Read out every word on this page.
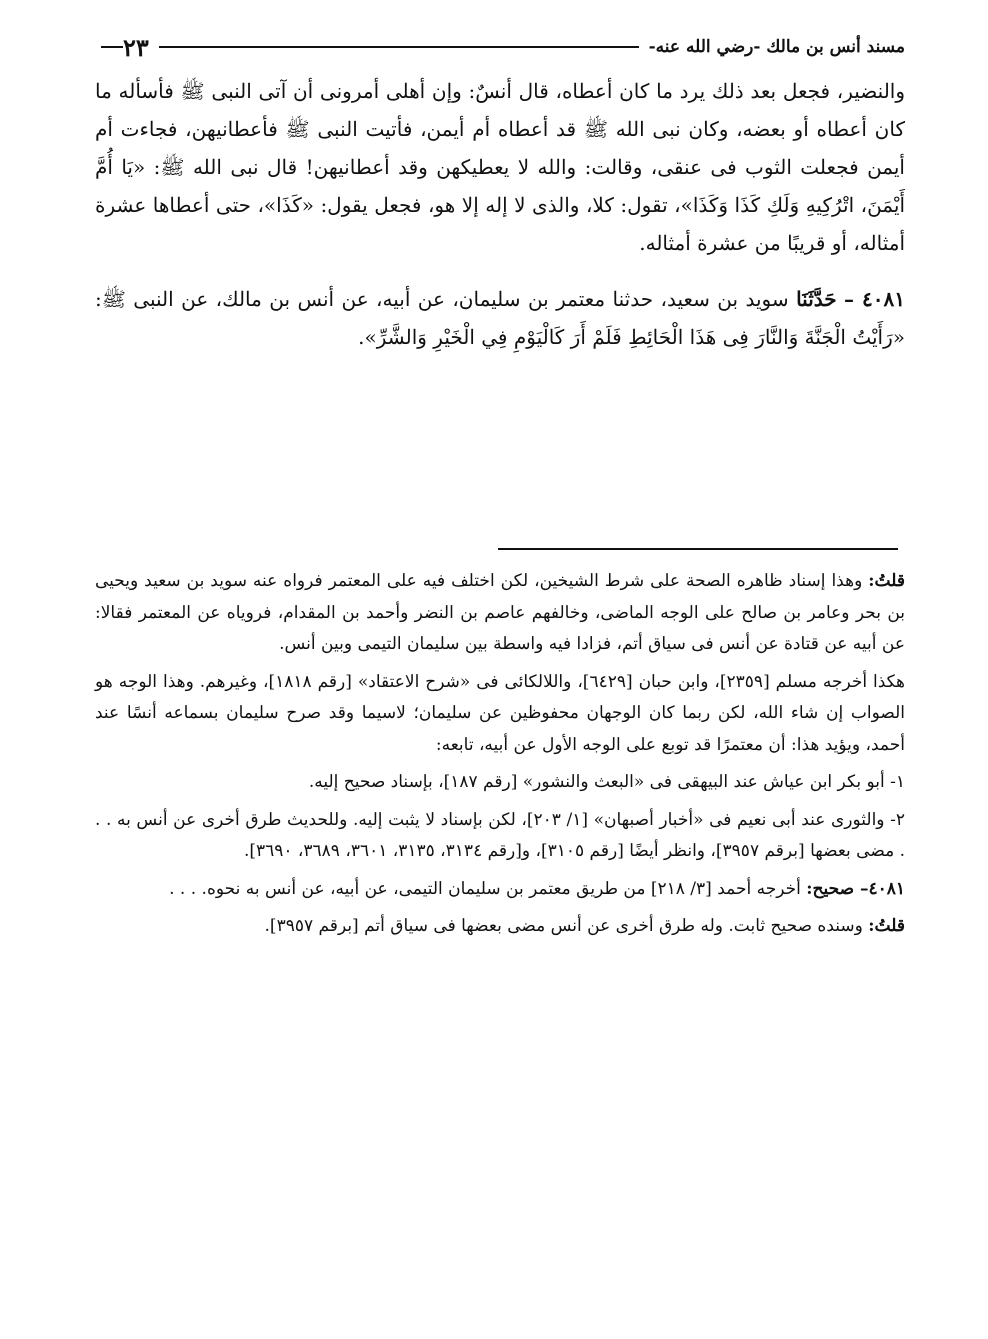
مسند أنس بن مالك -رضي الله عنه-
٢٣

والنضير، فجعل بعد ذلك يرد ما كان أعطاه، قال أنسٌ: وإن أهلى أمرونى أن آتى النبى ﷺ فأسأله ما كان أعطاه أو بعضه، وكان نبى الله ﷺ قد أعطاه أم أيمن، فأتيت النبى ﷺ فأعطانيهن، فجاءت أم أيمن فجعلت الثوب فى عنقى، وقالت: والله لا يعطيكهن وقد أعطانيهن! قال نبى الله ﷺ: «يَا أُمَّ أَيْمَنَ، اتْرُكِيهِ وَلَكِ كَذَا وَكَذَا»، تقول: كلا، والذى لا إله إلا هو، فجعل يقول: «كَذَا»، حتى أعطاها عشرة أمثاله، أو قريبًا من عشرة أمثاله.

٤٠٨١ – حَدَّثَنَا سويد بن سعيد، حدثنا معتمر بن سليمان، عن أبيه، عن أنس بن مالك، عن النبى ﷺ: «رَأَيْتُ الْجَنَّةَ وَالنَّارَ فِى هَذَا الْحَائِطِ فَلَمْ أَرَ كَالْيَوْمِ فِي الْخَيْرِ وَالشَّرِّ».

قلتُ: وهذا إسناد ظاهره الصحة على شرط الشيخين، لكن اختلف فيه على المعتمر فرواه عنه سويد بن سعيد ويحيى بن بحر وعامر بن صالح على الوجه الماضى، وخالفهم عاصم بن النضر وأحمد بن المقدام، فروياه عن المعتمر فقالا: عن أبيه عن قتادة عن أنس فى سياق أتم، فزادا فيه واسطة بين سليمان التيمى وبين أنس.

هكذا أخرجه مسلم [٢٣٥٩]، وابن حبان [٦٤٢٩]، واللالكائى فى «شرح الاعتقاد» [رقم ١٨١٨]، وغيرهم. وهذا الوجه هو الصواب إن شاء الله، لكن ربما كان الوجهان محفوظين عن سليمان؛ لاسيما وقد صرح سليمان بسماعه أنسًا عند أحمد، ويؤيد هذا: أن معتمرًا قد توبع على الوجه الأول عن أبيه، تابعه:

١- أبو بكر ابن عياش عند البيهقى فى «البعث والنشور» [رقم ١٨٧]، بإسناد صحيح إليه.

٢- والثورى عند أبى نعيم فى «أخبار أصبهان» [١/ ٢٠٣]، لكن بإسناد لا يثبت إليه. وللحديث طرق أخرى عن أنس به . . . مضى بعضها [برقم ٣٩٥٧]، وانظر أيضًا [رقم ٣١٠٥]، و[رقم ٣١٣٤، ٣١٣٥، ٣٦٠١، ٣٦٨٩، ٣٦٩٠].

٤٠٨١– صحيح: أخرجه أحمد [٣/ ٢١٨] من طريق معتمر بن سليمان التيمى، عن أبيه، عن أنس به نحوه. . . .

قلتُ: وسنده صحيح ثابت. وله طرق أخرى عن أنس مضى بعضها فى سياق أتم [برقم ٣٩٥٧].
